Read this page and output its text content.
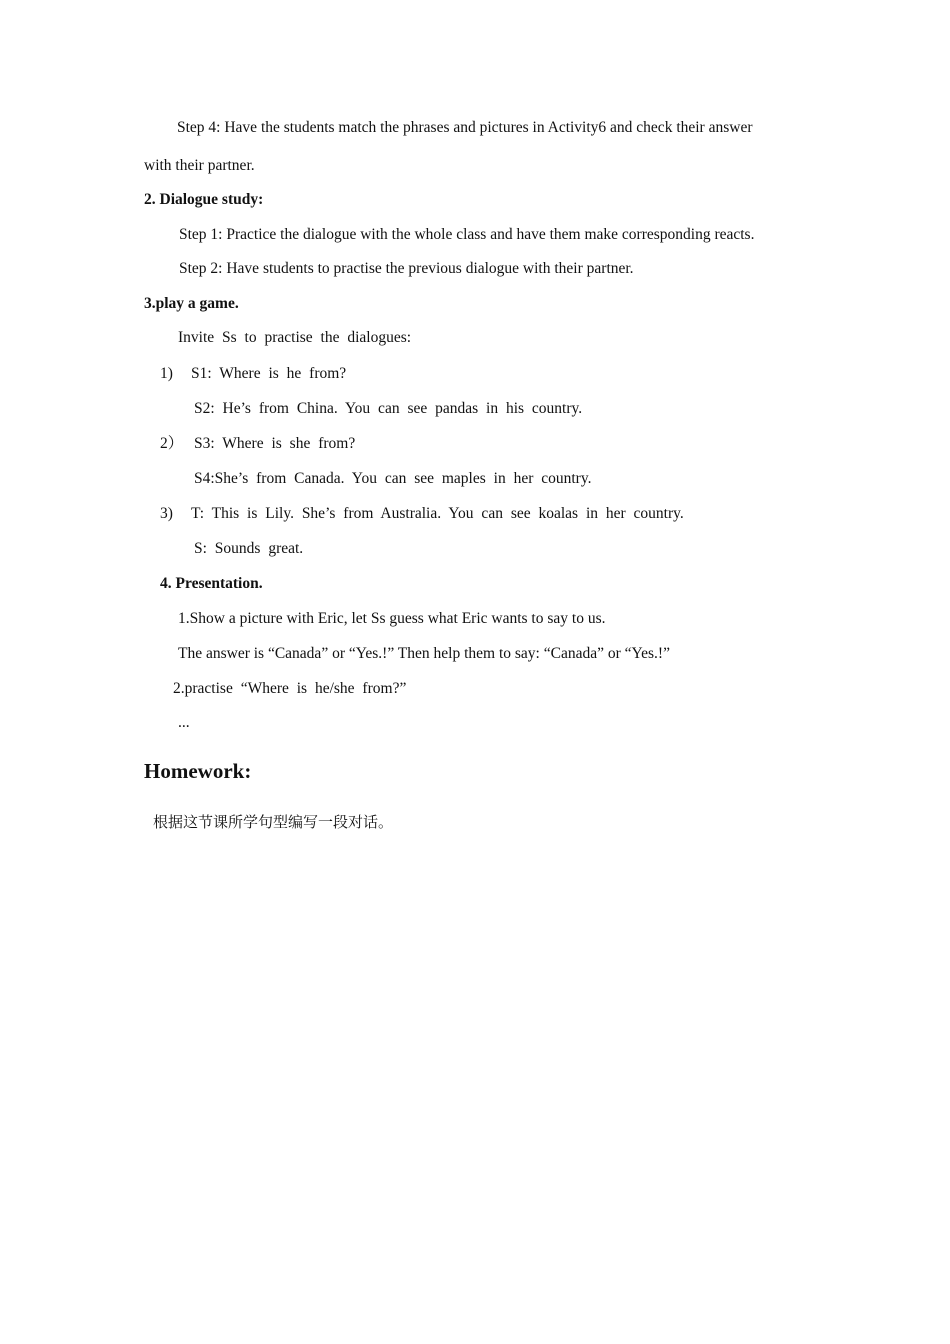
Step 4: Have the students match the phrases and pictures in Activity6 and check their answer
with their partner.
2. Dialogue study:
Step 1: Practice the dialogue with the whole class and have them make corresponding reacts.
Step 2: Have students to practise the previous dialogue with their partner.
3.play a game.
Invite Ss to practise the dialogues:
1) S1: Where is he from?
S2: He’s from China. You can see pandas in his country.
2） S3: Where is she from?
S4:She’s from Canada. You can see maples in her country.
3) T: This is Lily. She’s from Australia. You can see koalas in her country.
S: Sounds great.
4. Presentation.
1.Show a picture with Eric, let Ss guess what Eric wants to say to us.
The answer is “Canada” or “Yes.!” Then help them to say: “Canada” or “Yes.!”
2.practise “Where is he/she from?”
...
Homework:
根据这节课所学句型编写一段对话。
